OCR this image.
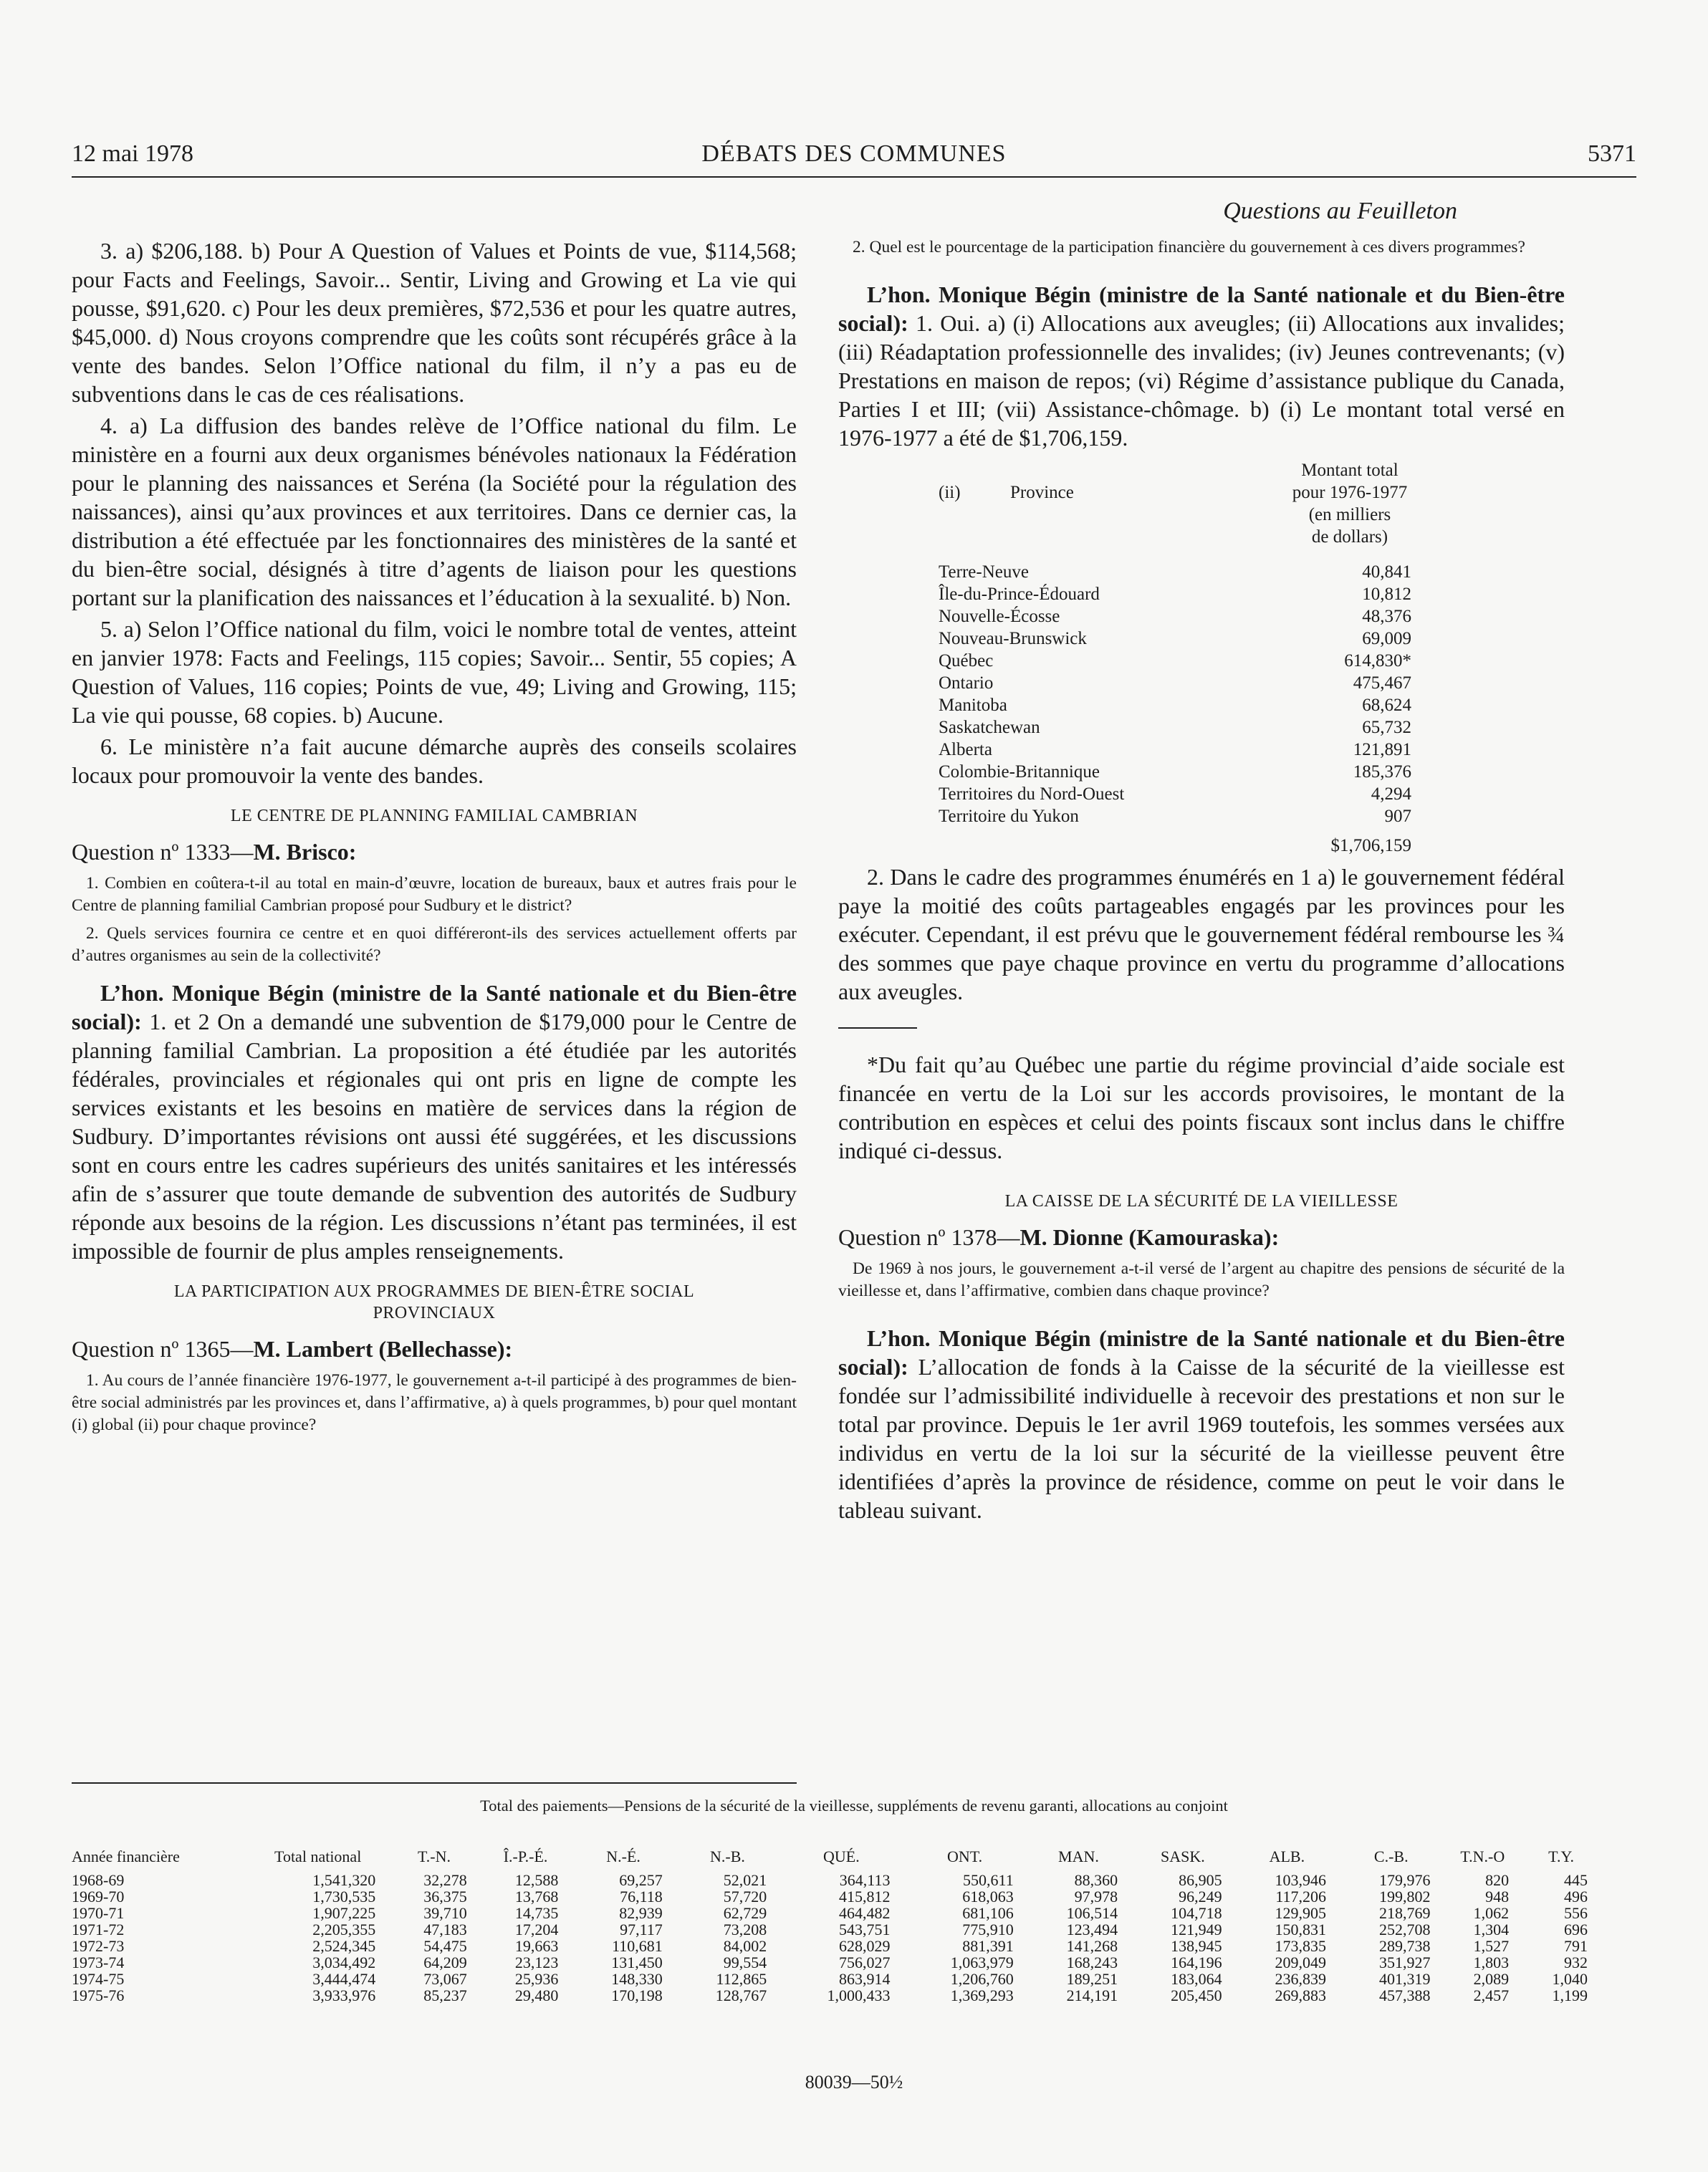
12 mai 1978	DÉBATS DES COMMUNES	5371
Questions au Feuilleton

3. a) $206,188. b) Pour A Question of Values et Points de vue, $114,568; pour Facts and Feelings, Savoir... Sentir, Living and Growing et La vie qui pousse, $91,620. c) Pour les deux premières, $72,536 et pour les quatre autres, $45,000. d) Nous croyons comprendre que les coûts sont récupérés grâce à la vente des bandes. Selon l’Office national du film, il n’y a pas eu de subventions dans le cas de ces réalisations.

4. a) La diffusion des bandes relève de l’Office national du film. Le ministère en a fourni aux deux organismes bénévoles nationaux la Fédération pour le planning des naissances et Seréna (la Société pour la régulation des naissances), ainsi qu’aux provinces et aux territoires. Dans ce dernier cas, la distribution a été effectuée par les fonctionnaires des ministères de la santé et du bien-être social, désignés à titre d’agents de liaison pour les questions portant sur la planification des naissances et l’éducation à la sexualité. b) Non.

5. a) Selon l’Office national du film, voici le nombre total de ventes, atteint en janvier 1978: Facts and Feelings, 115 copies; Savoir... Sentir, 55 copies; A Question of Values, 116 copies; Points de vue, 49; Living and Growing, 115; La vie qui pousse, 68 copies. b) Aucune.

6. Le ministère n’a fait aucune démarche auprès des conseils scolaires locaux pour promouvoir la vente des bandes.

LE CENTRE DE PLANNING FAMILIAL CAMBRIAN
Question nº 1333—M. Brisco:

1. Combien en coûtera-t-il au total en main-d’œuvre, location de bureaux, baux et autres frais pour le Centre de planning familial Cambrian proposé pour Sudbury et le district?

2. Quels services fournira ce centre et en quoi différeront-ils des services actuellement offerts par d’autres organismes au sein de la collectivité?

L’hon. Monique Bégin (ministre de la Santé nationale et du Bien-être social): 1. et 2 On a demandé une subvention de $179,000 pour le Centre de planning familial Cambrian. La proposition a été étudiée par les autorités fédérales, provinciales et régionales qui ont pris en ligne de compte les services existants et les besoins en matière de services dans la région de Sudbury. D’importantes révisions ont aussi été suggérées, et les discussions sont en cours entre les cadres supérieurs des unités sanitaires et les intéressés afin de s’assurer que toute demande de subvention des autorités de Sudbury réponde aux besoins de la région. Les discussions n’étant pas terminées, il est impossible de fournir de plus amples renseignements.

LA PARTICIPATION AUX PROGRAMMES DE BIEN-ÊTRE SOCIAL PROVINCIAUX
Question nº 1365—M. Lambert (Bellechasse):

1. Au cours de l’année financière 1976-1977, le gouvernement a-t-il participé à des programmes de bien-être social administrés par les provinces et, dans l’affirmative, a) à quels programmes, b) pour quel montant (i) global (ii) pour chaque province?

2. Quel est le pourcentage de la participation financière du gouvernement à ces divers programmes?

L’hon. Monique Bégin (ministre de la Santé nationale et du Bien-être social): 1. Oui. a) (i) Allocations aux aveugles; (ii) Allocations aux invalides; (iii) Réadaptation professionnelle des invalides; (iv) Jeunes contrevenants; (v) Prestations en maison de repos; (vi) Régime d’assistance publique du Canada, Parties I et III; (vii) Assistance-chômage. b) (i) Le montant total versé en 1976-1977 a été de $1,706,159.

(ii)	Province
Montant total
pour 1976-1977
(en milliers
de dollars)
Terre-Neuve	40,841
Île-du-Prince-Édouard	10,812
Nouvelle-Écosse	48,376
Nouveau-Brunswick	69,009
Québec	614,830*
Ontario	475,467
Manitoba	68,624
Saskatchewan	65,732
Alberta	121,891
Colombie-Britannique	185,376
Territoires du Nord-Ouest	4,294
Territoire du Yukon	907
	$1,706,159

2. Dans le cadre des programmes énumérés en 1 a) le gouvernement fédéral paye la moitié des coûts partageables engagés par les provinces pour les exécuter. Cependant, il est prévu que le gouvernement fédéral rembourse les ¾ des sommes que paye chaque province en vertu du programme d’allocations aux aveugles.

*Du fait qu’au Québec une partie du régime provincial d’aide sociale est financée en vertu de la Loi sur les accords provisoires, le montant de la contribution en espèces et celui des points fiscaux sont inclus dans le chiffre indiqué ci-dessus.

LA CAISSE DE LA SÉCURITÉ DE LA VIEILLESSE
Question nº 1378—M. Dionne (Kamouraska):

De 1969 à nos jours, le gouvernement a-t-il versé de l’argent au chapitre des pensions de sécurité de la vieillesse et, dans l’affirmative, combien dans chaque province?

L’hon. Monique Bégin (ministre de la Santé nationale et du Bien-être social): L’allocation de fonds à la Caisse de la sécurité de la vieillesse est fondée sur l’admissibilité individuelle à recevoir des prestations et non sur le total par province. Depuis le 1er avril 1969 toutefois, les sommes versées aux individus en vertu de la loi sur la sécurité de la vieillesse peuvent être identifiées d’après la province de résidence, comme on peut le voir dans le tableau suivant.

Total des paiements—Pensions de la sécurité de la vieillesse, suppléments de revenu garanti, allocations au conjoint
Année financière	Total national	T.-N.	Î.-P.-É.	N.-É.	N.-B.	QUÉ.	ONT.	MAN.	SASK.	ALB.	C.-B.	T.N.-O	T.Y.
1968-69	1,541,320	32,278	12,588	69,257	52,021	364,113	550,611	88,360	86,905	103,946	179,976	820	445
1969-70	1,730,535	36,375	13,768	76,118	57,720	415,812	618,063	97,978	96,249	117,206	199,802	948	496
1970-71	1,907,225	39,710	14,735	82,939	62,729	464,482	681,106	106,514	104,718	129,905	218,769	1,062	556
1971-72	2,205,355	47,183	17,204	97,117	73,208	543,751	775,910	123,494	121,949	150,831	252,708	1,304	696
1972-73	2,524,345	54,475	19,663	110,681	84,002	628,029	881,391	141,268	138,945	173,835	289,738	1,527	791
1973-74	3,034,492	64,209	23,123	131,450	99,554	756,027	1,063,979	168,243	164,196	209,049	351,927	1,803	932
1974-75	3,444,474	73,067	25,936	148,330	112,865	863,914	1,206,760	189,251	183,064	236,839	401,319	2,089	1,040
1975-76	3,933,976	85,237	29,480	170,198	128,767	1,000,433	1,369,293	214,191	205,450	269,883	457,388	2,457	1,199
80039—50½
